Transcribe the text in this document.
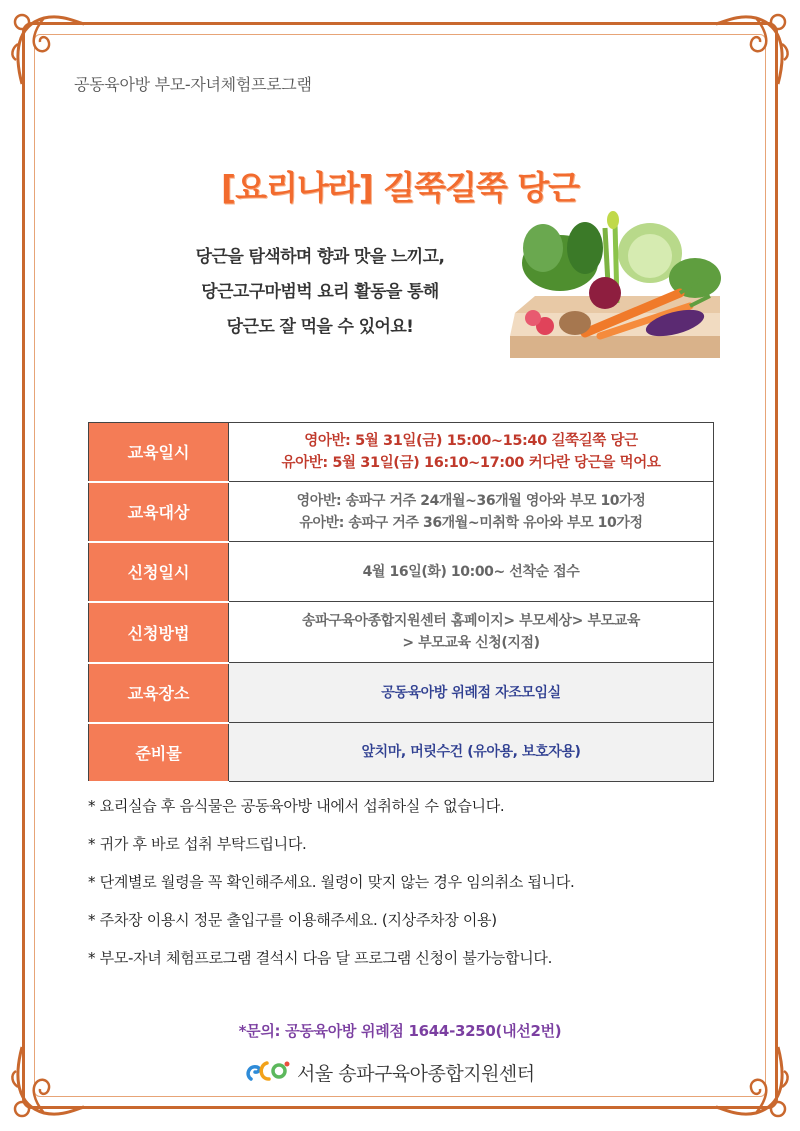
공동육아방 부모-자녀체험프로그램
[요리나라] 길쭉길쭉 당근
당근을 탐색하며 향과 맛을 느끼고,
당근고구마범벅 요리 활동을 통해
당근도 잘 먹을 수 있어요!
교육일시	영아반: 5월 31일(금) 15:00~15:40 길쭉길쭉 당근
유아반: 5월 31일(금) 16:10~17:00 커다란 당근을 먹어요

교육대상	영아반: 송파구 거주 24개월~36개월 영아와 부모 10가정
유아반: 송파구 거주 36개월~미취학 유아와 부모 10가정

신청일시	4월 16일(화) 10:00~ 선착순 접수

신청방법	송파구육아종합지원센터 홈페이지> 부모세상> 부모교육
> 부모교육 신청(지점)

교육장소	공동육아방 위례점 자조모임실

준비물	앞치마, 머릿수건 (유아용, 보호자용)
* 요리실습 후 음식물은 공동육아방 내에서 섭취하실 수 없습니다.
* 귀가 후 바로 섭취 부탁드립니다.
* 단계별로 월령을 꼭 확인해주세요. 월령이 맞지 않는 경우 임의취소 됩니다.
* 주차장 이용시 정문 출입구를 이용해주세요. (지상주차장 이용)
* 부모-자녀 체험프로그램 결석시 다음 달 프로그램 신청이 불가능합니다.
*문의: 공동육아방 위례점 1644-3250(내선2번)
서울 송파구육아종합지원센터
